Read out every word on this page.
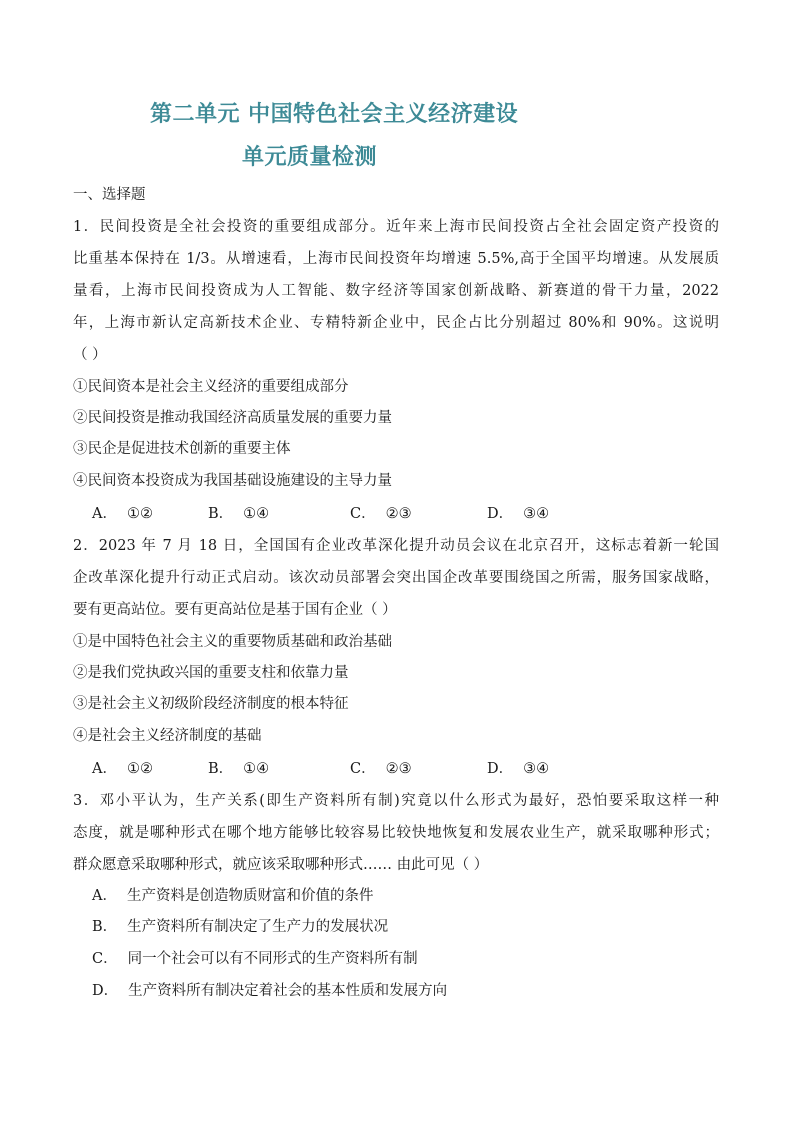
第二单元 中国特色社会主义经济建设
单元质量检测
一、选择题
1．民间投资是全社会投资的重要组成部分。近年来上海市民间投资占全社会固定资产投资的
比重基本保持在 1/3。从增速看，上海市民间投资年均增速 5.5%,高于全国平均增速。从发展质
量看，上海市民间投资成为人工智能、数字经济等国家创新战略、新赛道的骨干力量，2022
年，上海市新认定高新技术企业、专精特新企业中，民企占比分别超过 80%和 90%。这说明
（ ）
①民间资本是社会主义经济的重要组成部分
②民间投资是推动我国经济高质量发展的重要力量
③民企是促进技术创新的重要主体
④民间资本投资成为我国基础设施建设的主导力量
A． ①②	B． ①④	C． ②③	D． ③④
2．2023 年 7 月 18 日，全国国有企业改革深化提升动员会议在北京召开，这标志着新一轮国
企改革深化提升行动正式启动。该次动员部署会突出国企改革要围绕国之所需，服务国家战略，
要有更高站位。要有更高站位是基于国有企业（ ）
①是中国特色社会主义的重要物质基础和政治基础
②是我们党执政兴国的重要支柱和依靠力量
③是社会主义初级阶段经济制度的根本特征
④是社会主义经济制度的基础
A． ①②	B． ①④	C． ②③	D． ③④
3．邓小平认为，生产关系(即生产资料所有制)究竟以什么形式为最好，恐怕要采取这样一种
态度，就是哪种形式在哪个地方能够比较容易比较快地恢复和发展农业生产，就采取哪种形式；
群众愿意采取哪种形式，就应该采取哪种形式…… 由此可见（ ）
A． 生产资料是创造物质财富和价值的条件
B． 生产资料所有制决定了生产力的发展状况
C． 同一个社会可以有不同形式的生产资料所有制
D． 生产资料所有制决定着社会的基本性质和发展方向
